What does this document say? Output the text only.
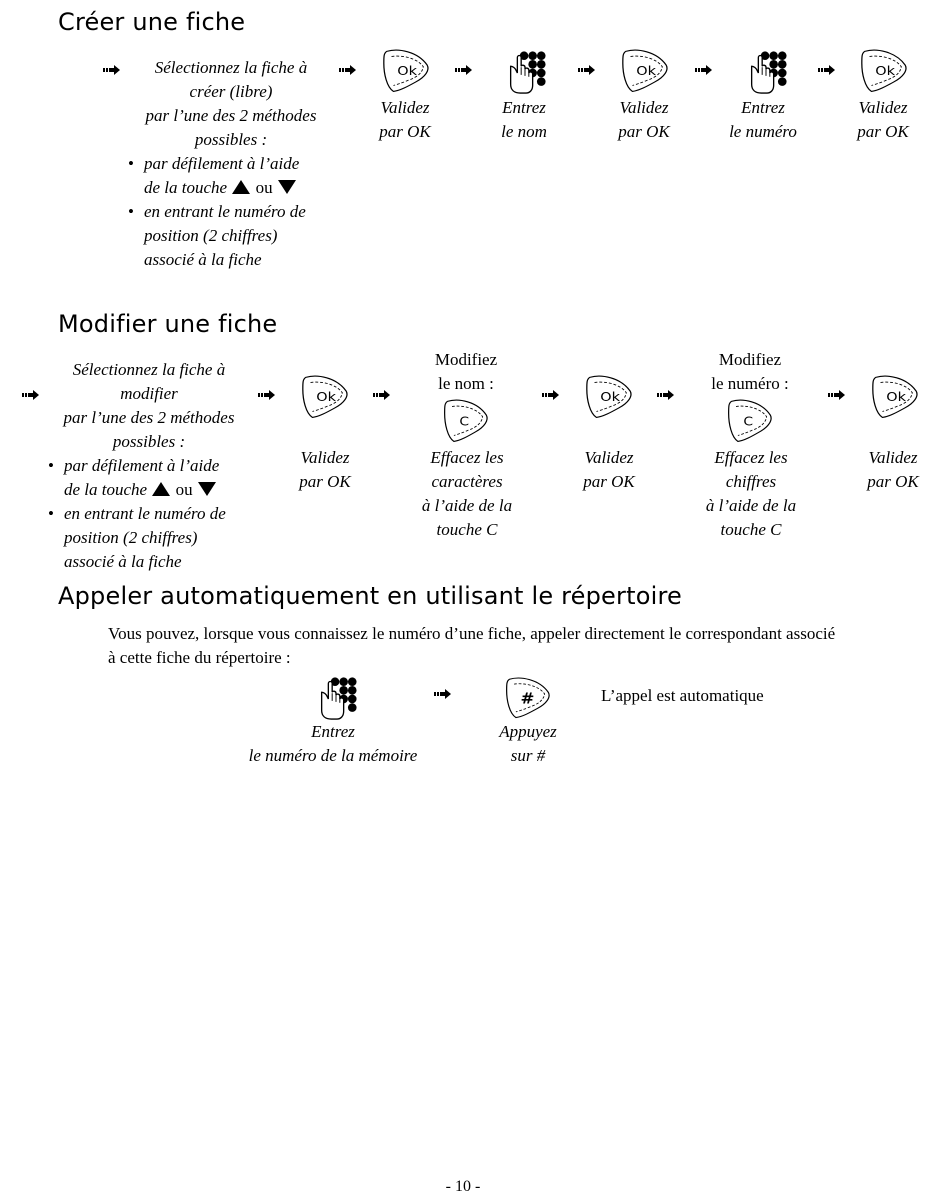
Créer une fiche
Sélectionnez la fiche à
créer (libre)
par l’une des 2 méthodes
possibles :
• par défilement à l’aide
de la touche ou
• en entrant le numéro de
position (2 chiffres)
associé à la fiche
Ok
Validez
par OK
Entrez
le nom
Ok
Validez
par OK
Entrez
le numéro
Ok
Validez
par OK
Modifier une fiche
Sélectionnez la fiche à
modifier
par l’une des 2 méthodes
possibles :
• par défilement à l’aide
de la touche ou
• en entrant le numéro de
position (2 chiffres)
associé à la fiche
Ok
Validez
par OK
Modifiez
le nom :
C
Effacez les
caractères
à l’aide de la
touche C
Ok
Validez
par OK
Modifiez
le numéro :
C
Effacez les
chiffres
à l’aide de la
touche C
Ok
Validez
par OK
Appeler automatiquement en utilisant le répertoire
Vous pouvez, lorsque vous connaissez le numéro d’une fiche, appeler directement le correspondant associé
à cette fiche du répertoire :
Entrez
le numéro de la mémoire
#
Appuyez
sur #
L’appel est automatique
- 10 -
